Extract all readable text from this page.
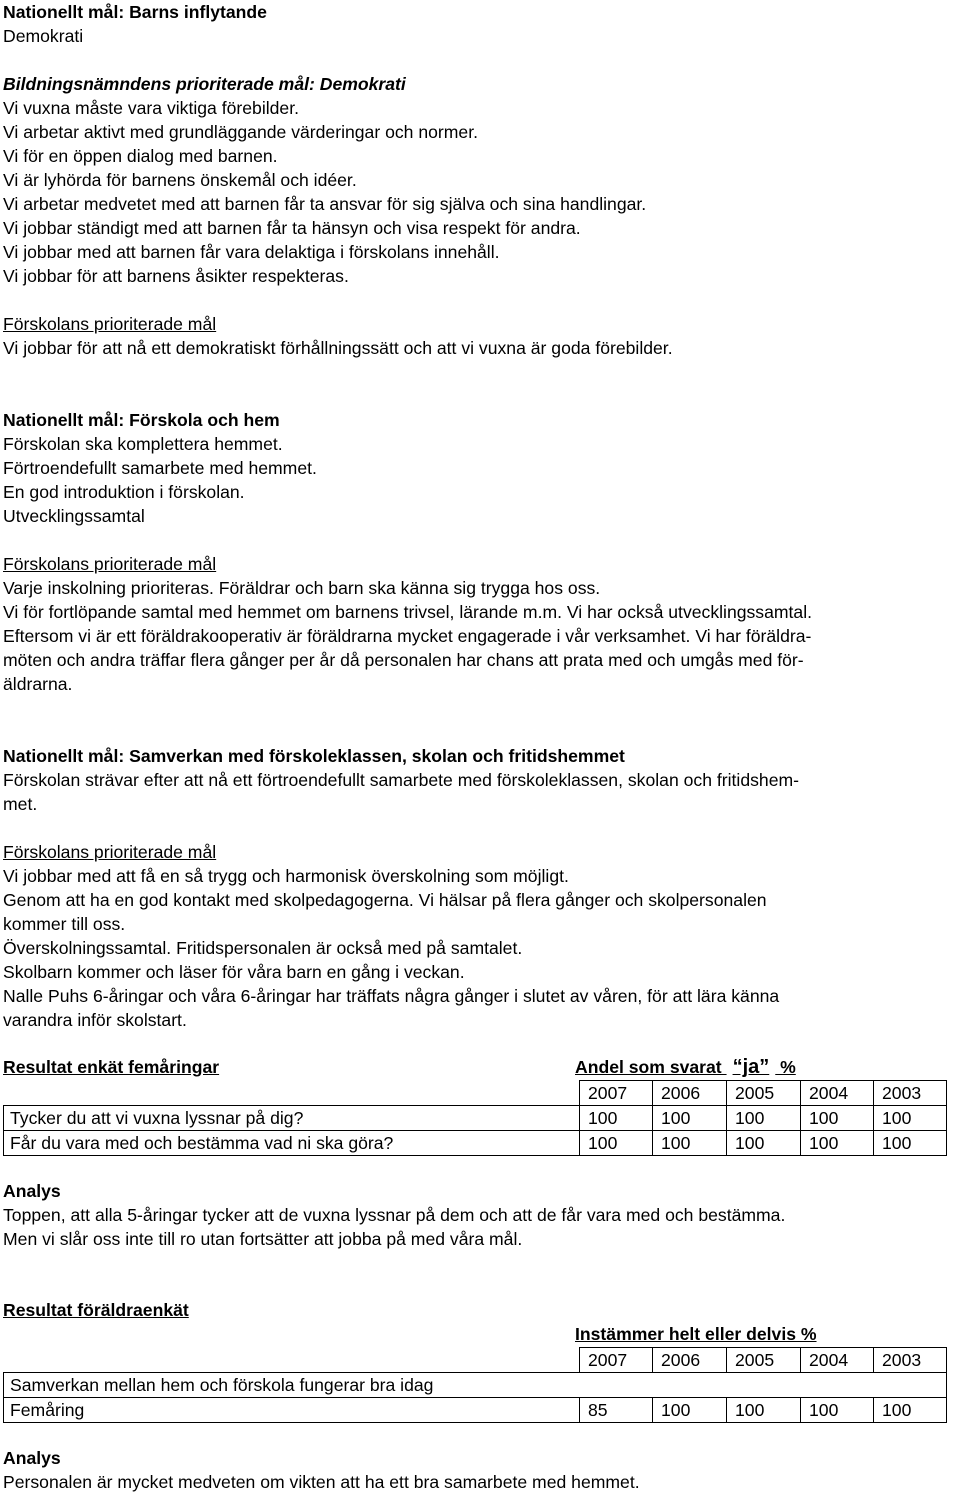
Nationellt mål: Barns inflytande
Demokrati
Bildningsnämndens prioriterade mål: Demokrati
Vi vuxna måste vara viktiga förebilder.
Vi arbetar aktivt med grundläggande värderingar och normer.
Vi för en öppen dialog med barnen.
Vi är lyhörda för barnens önskemål och idéer.
Vi arbetar medvetet med att barnen får ta ansvar för sig själva och sina handlingar.
Vi jobbar ständigt med att barnen får ta hänsyn och visa respekt för andra.
Vi jobbar med att barnen får vara delaktiga i förskolans innehåll.
Vi jobbar för att barnens åsikter respekteras.
Förskolans prioriterade mål
Vi jobbar för att nå ett demokratiskt förhållningssätt och att vi vuxna är goda förebilder.
Nationellt mål: Förskola och hem
Förskolan ska komplettera hemmet.
Förtroendefullt samarbete med hemmet.
En god introduktion i förskolan.
Utvecklingssamtal
Förskolans prioriterade mål
Varje inskolning prioriteras. Föräldrar och barn ska känna sig trygga hos oss.
Vi för fortlöpande samtal med hemmet om barnens trivsel, lärande m.m. Vi har också utvecklingssamtal.
Eftersom vi är ett föräldrakooperativ är föräldrarna mycket engagerade i vår verksamhet. Vi har föräldra-
möten och andra träffar flera gånger per år då personalen har chans att prata med och umgås med för-
äldrarna.
Nationellt mål: Samverkan med förskoleklassen, skolan och fritidshemmet
Förskolan strävar efter att nå ett förtroendefullt samarbete med förskoleklassen, skolan och fritidshem-
met.
Förskolans prioriterade mål
Vi jobbar med att få en så trygg och harmonisk överskolning som möjligt.
Genom att ha en god kontakt med skolpedagogerna. Vi hälsar på flera gånger och skolpersonalen
kommer till oss.
Överskolningssamtal. Fritidspersonalen är också med på samtalet.
Skolbarn kommer och läser för våra barn en gång i veckan.
Nalle Puhs 6-åringar och våra 6-åringar har träffats några gånger i slutet av våren, för att lära känna
varandra inför skolstart.
Resultat enkät femåringar	Andel som svarat “ja” %
	2007	2006	2005	2004	2003
Tycker du att vi vuxna lyssnar på dig?	100	100	100	100	100
Får du vara med och bestämma vad ni ska göra?	100	100	100	100	100
Analys
Toppen, att alla 5-åringar tycker att de vuxna lyssnar på dem och att de får vara med och bestämma.
Men vi slår oss inte till ro utan fortsätter att jobba på med våra mål.
Resultat föräldraenkät
Instämmer helt eller delvis %
	2007	2006	2005	2004	2003
Samverkan mellan hem och förskola fungerar bra idag					
Femåring	85	100	100	100	100
Analys
Personalen är mycket medveten om vikten att ha ett bra samarbete med hemmet.
